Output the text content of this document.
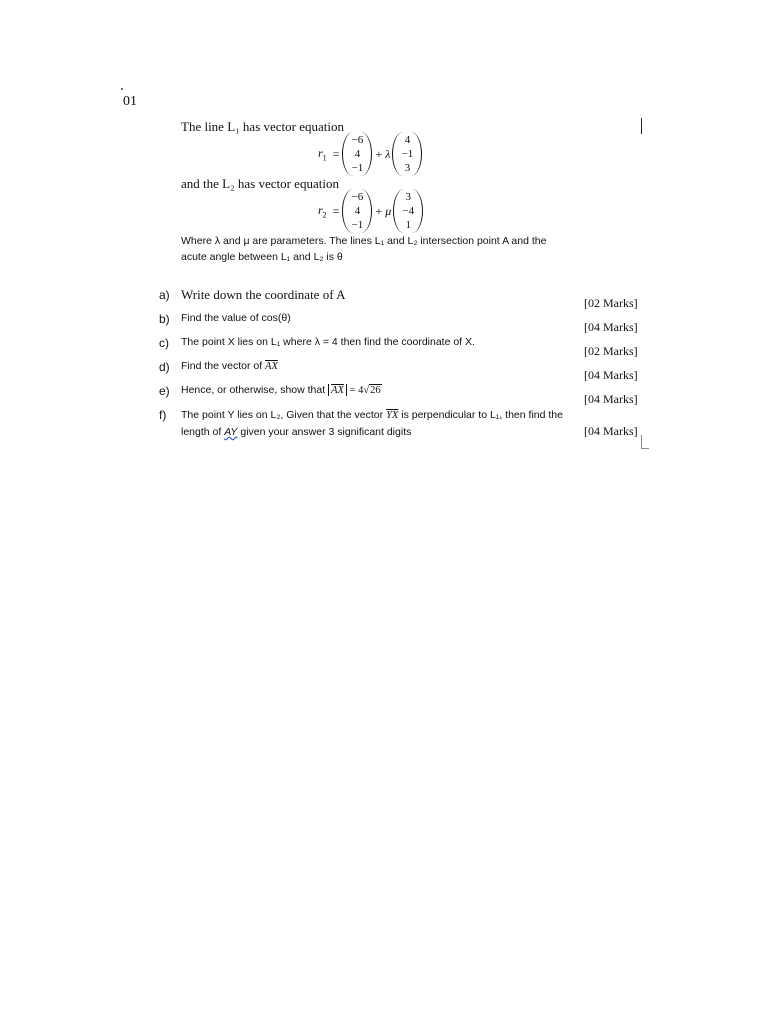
01
The line L₁ has vector equation
$r_1$ =
−6
4
−1
+ λ
4
−1
3
and the L₂ has vector equation
$r_2$ =
−6
4
−1
+ μ
3
−4
1
Where λ and μ are parameters. The lines L₁ and L₂ intersection point A and the
acute angle between L₁ and L₂ is θ
a) Write down the coordinate of A
[02 Marks]
b) Find the value of cos(θ)
[04 Marks]
c) The point X lies on L₁ where λ = 4 then find the coordinate of X.
[02 Marks]
d) Find the vector of $\overline{AX}$
[04 Marks]
e) Hence, or otherwise, show that $\overline{AX} = 4√26$
[04 Marks]
f) The point Y lies on L₂, Given that the vector $\overline{YX}$ is perpendicular to L₁, then find the
length of AY given your answer 3 significant digits	[04 Marks]
